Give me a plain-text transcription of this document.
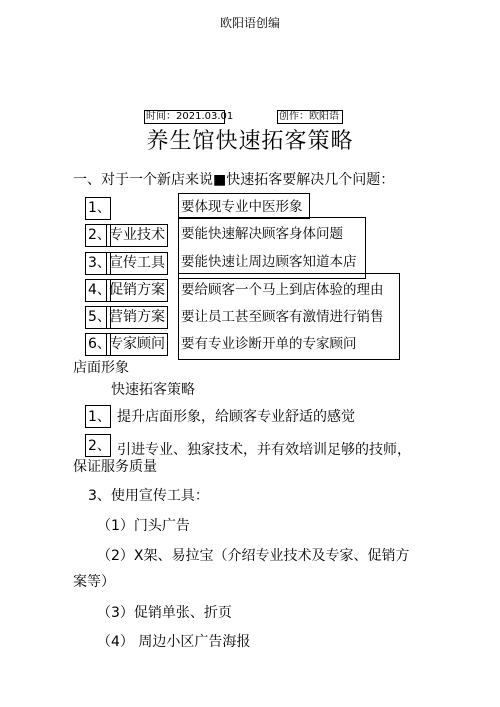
欧阳语创编
时间：2021.03.01	创作：欧阳语
养生馆快速拓客策略
一、对于一个新店来说■快速拓客要解决几个问题：
1、
2、
专业技术
3、
宣传工具
4、
促销方案
5、
营销方案
6、
专家顾问
要体现专业中医形象
要能快速解决顾客身体问题
要能快速让周边顾客知道本店
要给顾客一个马上到店体验的理由
要让员工甚至顾客有激情进行销售
要有专业诊断开单的专家顾问
店面形象
快速拓客策略
1、 提升店面形象，给顾客专业舒适的感觉
2、 引进专业、独家技术，并有效培训足够的技师，
保证服务质量
3、使用宣传工具：
（1）门头广告
（2）X架、易拉宝（介绍专业技术及专家、促销方
案等）
（3）促销单张、折页
（4） 周边小区广告海报
